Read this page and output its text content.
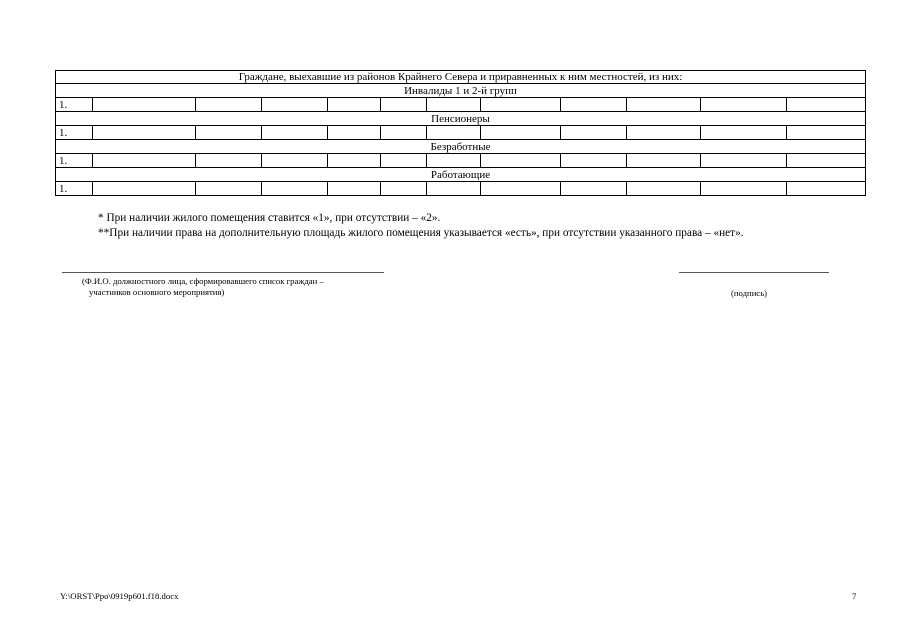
Граждане, выехавшие из районов Крайнего Севера и приравненных к ним местностей, из них:											
Инвалиды 1 и 2-й групп											
1.											
Пенсионеры											
1.											
Безработные											
1.											
Работающие											
1.											
* При наличии жилого помещения ставится «1», при отсутствии – «2».
**При наличии права на дополнительную площадь жилого помещения указывается «есть», при отсутствии указанного права – «нет».
(Ф.И.О. должностного лица, сформировавшего список граждан –
участников основного мероприятия)	(подпись)
Y:\ORST\Ppo\0919p601.f18.docx	7
